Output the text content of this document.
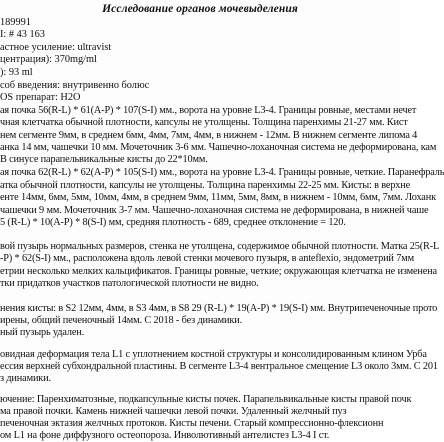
Исследование органов мочевыделения
189991
I: # 43 163
астное усиление: ultravist
центрация): 370mg/ml
): 93 ml
соб введения: внутривенно болюс
OS препарат: H2O
ая почка 56(R-L) * 61(A-P) * 107(S-I) мм., ворота на уровне L3-4. Границы ровные, местами нечет
чная клетчатка обычной плотности, капсулы не утолщены. Толщина паренхимы 21-27 мм. Кист
нем сегменте 9мм, в среднем 6мм, 4мм, 7мм, 4мм, в нижнем - 12мм. В нижнем сегменте липома 4
анка 14 мм, чашечки 10 мм. Мочеточник 3-6 мм. Чашечно-лоханочная система не деформирована, кам
В синусе парапельвикальные кисты до 22*10мм.
ая почка 62(R-L) * 62(A-P) * 105(S-I) мм., ворота на уровне L3-4. Границы ровные, четкие. Паранефраль
атка обычной плотности, капсулы не утолщены. Толщина паренхимы 22-25 мм. Кисты: в верхне
енте 14мм, 6мм, 5мм, 10мм, 4мм, в среднем 9мм, 11мм, 5мм, 8мм, в нижнем - 10мм, 6мм, 7мм. Лоханк
чашечки 9 мм. Мочеточник 3-7 мм. Чашечно-лоханочная система не деформирована, в нижней чаше
5 (R-L) * 10(A-P) * 8(S-I) мм, средняя плотность - 689, среднее отклонение = 120.
вой пузырь нормальных размеров, стенка не утолщена, содержимое обычной плотности. Матка 25(R-L
-P) * 62(S-I) мм., расположена вдоль левой стенки мочевого пузыря, в anteflexio, эндометрий 7мм
етрии несколько мелких кальцификатов. Границы ровные, четкие; окружающая клетчатка не изменена
тки придатков участков патологической плотности не видно.
нения кисты: в S2 12мм, 4мм, в S3 4мм, в S8 29 (R-L) * 19(A-P) * 19(S-I) мм. Внутрипеченочные прото
ирены, общий печеночный 14мм. С 2018 - без динамики.
ный пузырь удален.
овидная деформация тела L1 с уплотнением костной структуры и консолидированным клином Урба
ессия верхней субхондральной пластины. В сегменте L3-4 вентральное смещение L3 около 3мм. С 201
з динамики.
ючение: Паренхиматозные, подкапсульные кисты почек. Парапельвикальные кисты правой почк
ма правой почки. Камень нижней чашечки левой почки. Удаленный желчный пуз
печеночная эктазия желчных протоков. Кисты печени. Старый компрессионно-флексионн
ом L1 на фоне диффузного остеопороза. Инволютивный антелистез L3-4 I ст.
